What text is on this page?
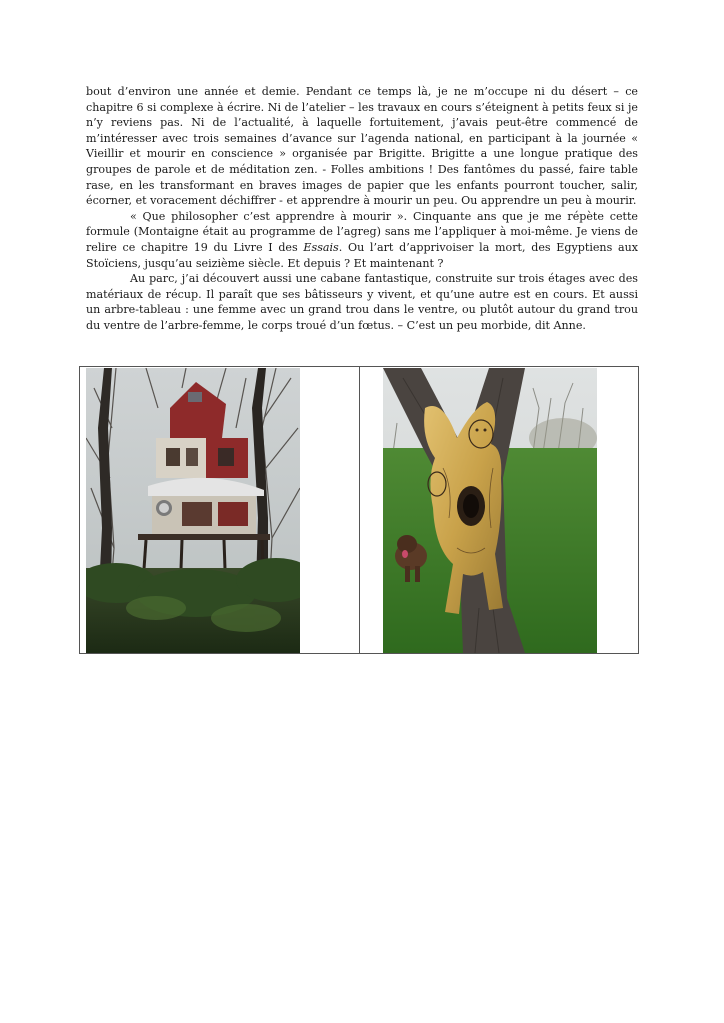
bout d’environ une année et demie. Pendant ce temps là, je ne m’occupe ni du désert – ce chapitre 6 si complexe à écrire. Ni de l’atelier – les travaux en cours s’éteignent à petits feux si je n’y reviens pas. Ni de l’actualité, à laquelle fortuitement, j’avais peut-être commencé de m’intéresser avec trois semaines d’avance sur l’agenda national, en participant à la journée « Vieillir et mourir en conscience » organisée par Brigitte. Brigitte a une longue pratique des groupes de parole et de méditation zen. - Folles ambitions ! Des fantômes du passé, faire table rase, en les transformant en braves images de papier que les enfants pourront toucher, salir, écorner, et voracement déchiffrer - et apprendre à mourir un peu. Ou apprendre un peu à mourir.

« Que philosopher c’est apprendre à mourir ». Cinquante ans que je me répète cette formule (Montaigne était au programme de l’agreg) sans me l’appliquer à moi-même. Je viens de relire ce chapitre 19 du Livre I des Essais. Ou l’art d’apprivoiser la mort, des Egyptiens aux Stoïciens, jusqu’au seizième siècle. Et depuis ? Et maintenant ?

Au parc, j’ai découvert aussi une cabane fantastique, construite sur trois étages avec des matériaux de récup. Il paraît que ses bâtisseurs y vivent, et qu’une autre est en cours. Et aussi un arbre-tableau : une femme avec un grand trou dans le ventre, ou plutôt autour du grand trou du ventre de l’arbre-femme, le corps troué d’un fœtus. – C’est un peu morbide, dit Anne.
